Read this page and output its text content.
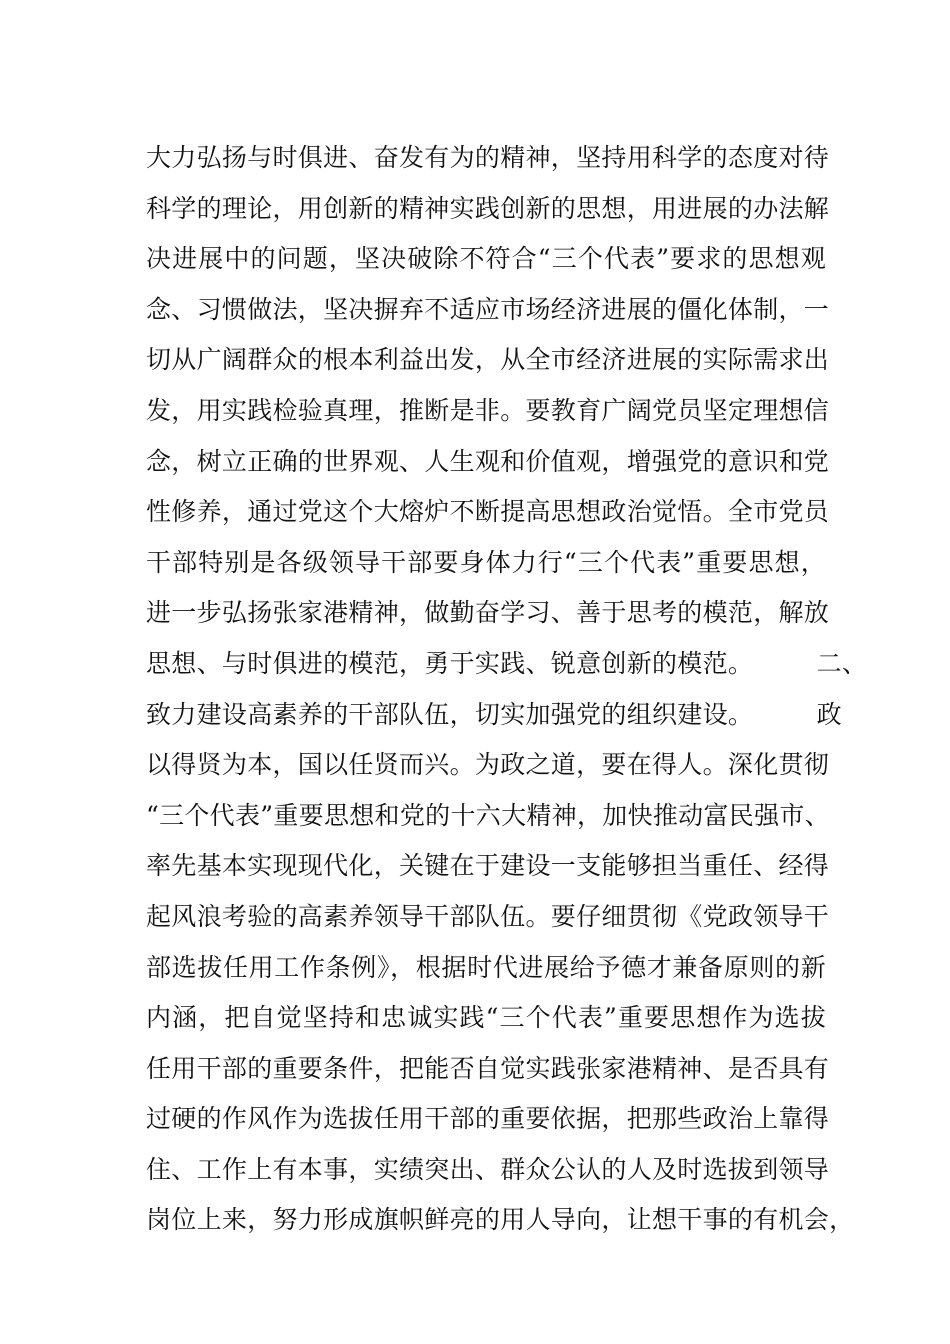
大力弘扬与时俱进、奋发有为的精神，坚持用科学的态度对待
科学的理论，用创新的精神实践创新的思想，用进展的办法解
决进展中的问题，坚决破除不符合“三个代表”要求的思想观
念、习惯做法，坚决摒弃不适应市场经济进展的僵化体制，一
切从广阔群众的根本利益出发，从全市经济进展的实际需求出
发，用实践检验真理，推断是非。要教育广阔党员坚定理想信
念，树立正确的世界观、人生观和价值观，增强党的意识和党
性修养，通过党这个大熔炉不断提高思想政治觉悟。全市党员
干部特别是各级领导干部要身体力行“三个代表”重要思想，
进一步弘扬张家港精神，做勤奋学习、善于思考的模范，解放
思想、与时俱进的模范，勇于实践、锐意创新的模范。　　　二、
致力建设高素养的干部队伍，切实加强党的组织建设。　　　政
以得贤为本，国以任贤而兴。为政之道，要在得人。深化贯彻
“三个代表”重要思想和党的十六大精神，加快推动富民强市、
率先基本实现现代化，关键在于建设一支能够担当重任、经得
起风浪考验的高素养领导干部队伍。要仔细贯彻《党政领导干
部选拔任用工作条例》，根据时代进展给予德才兼备原则的新
内涵，把自觉坚持和忠诚实践“三个代表”重要思想作为选拔
任用干部的重要条件，把能否自觉实践张家港精神、是否具有
过硬的作风作为选拔任用干部的重要依据，把那些政治上靠得
住、工作上有本事，实绩突出、群众公认的人及时选拔到领导
岗位上来，努力形成旗帜鲜亮的用人导向，让想干事的有机会，
